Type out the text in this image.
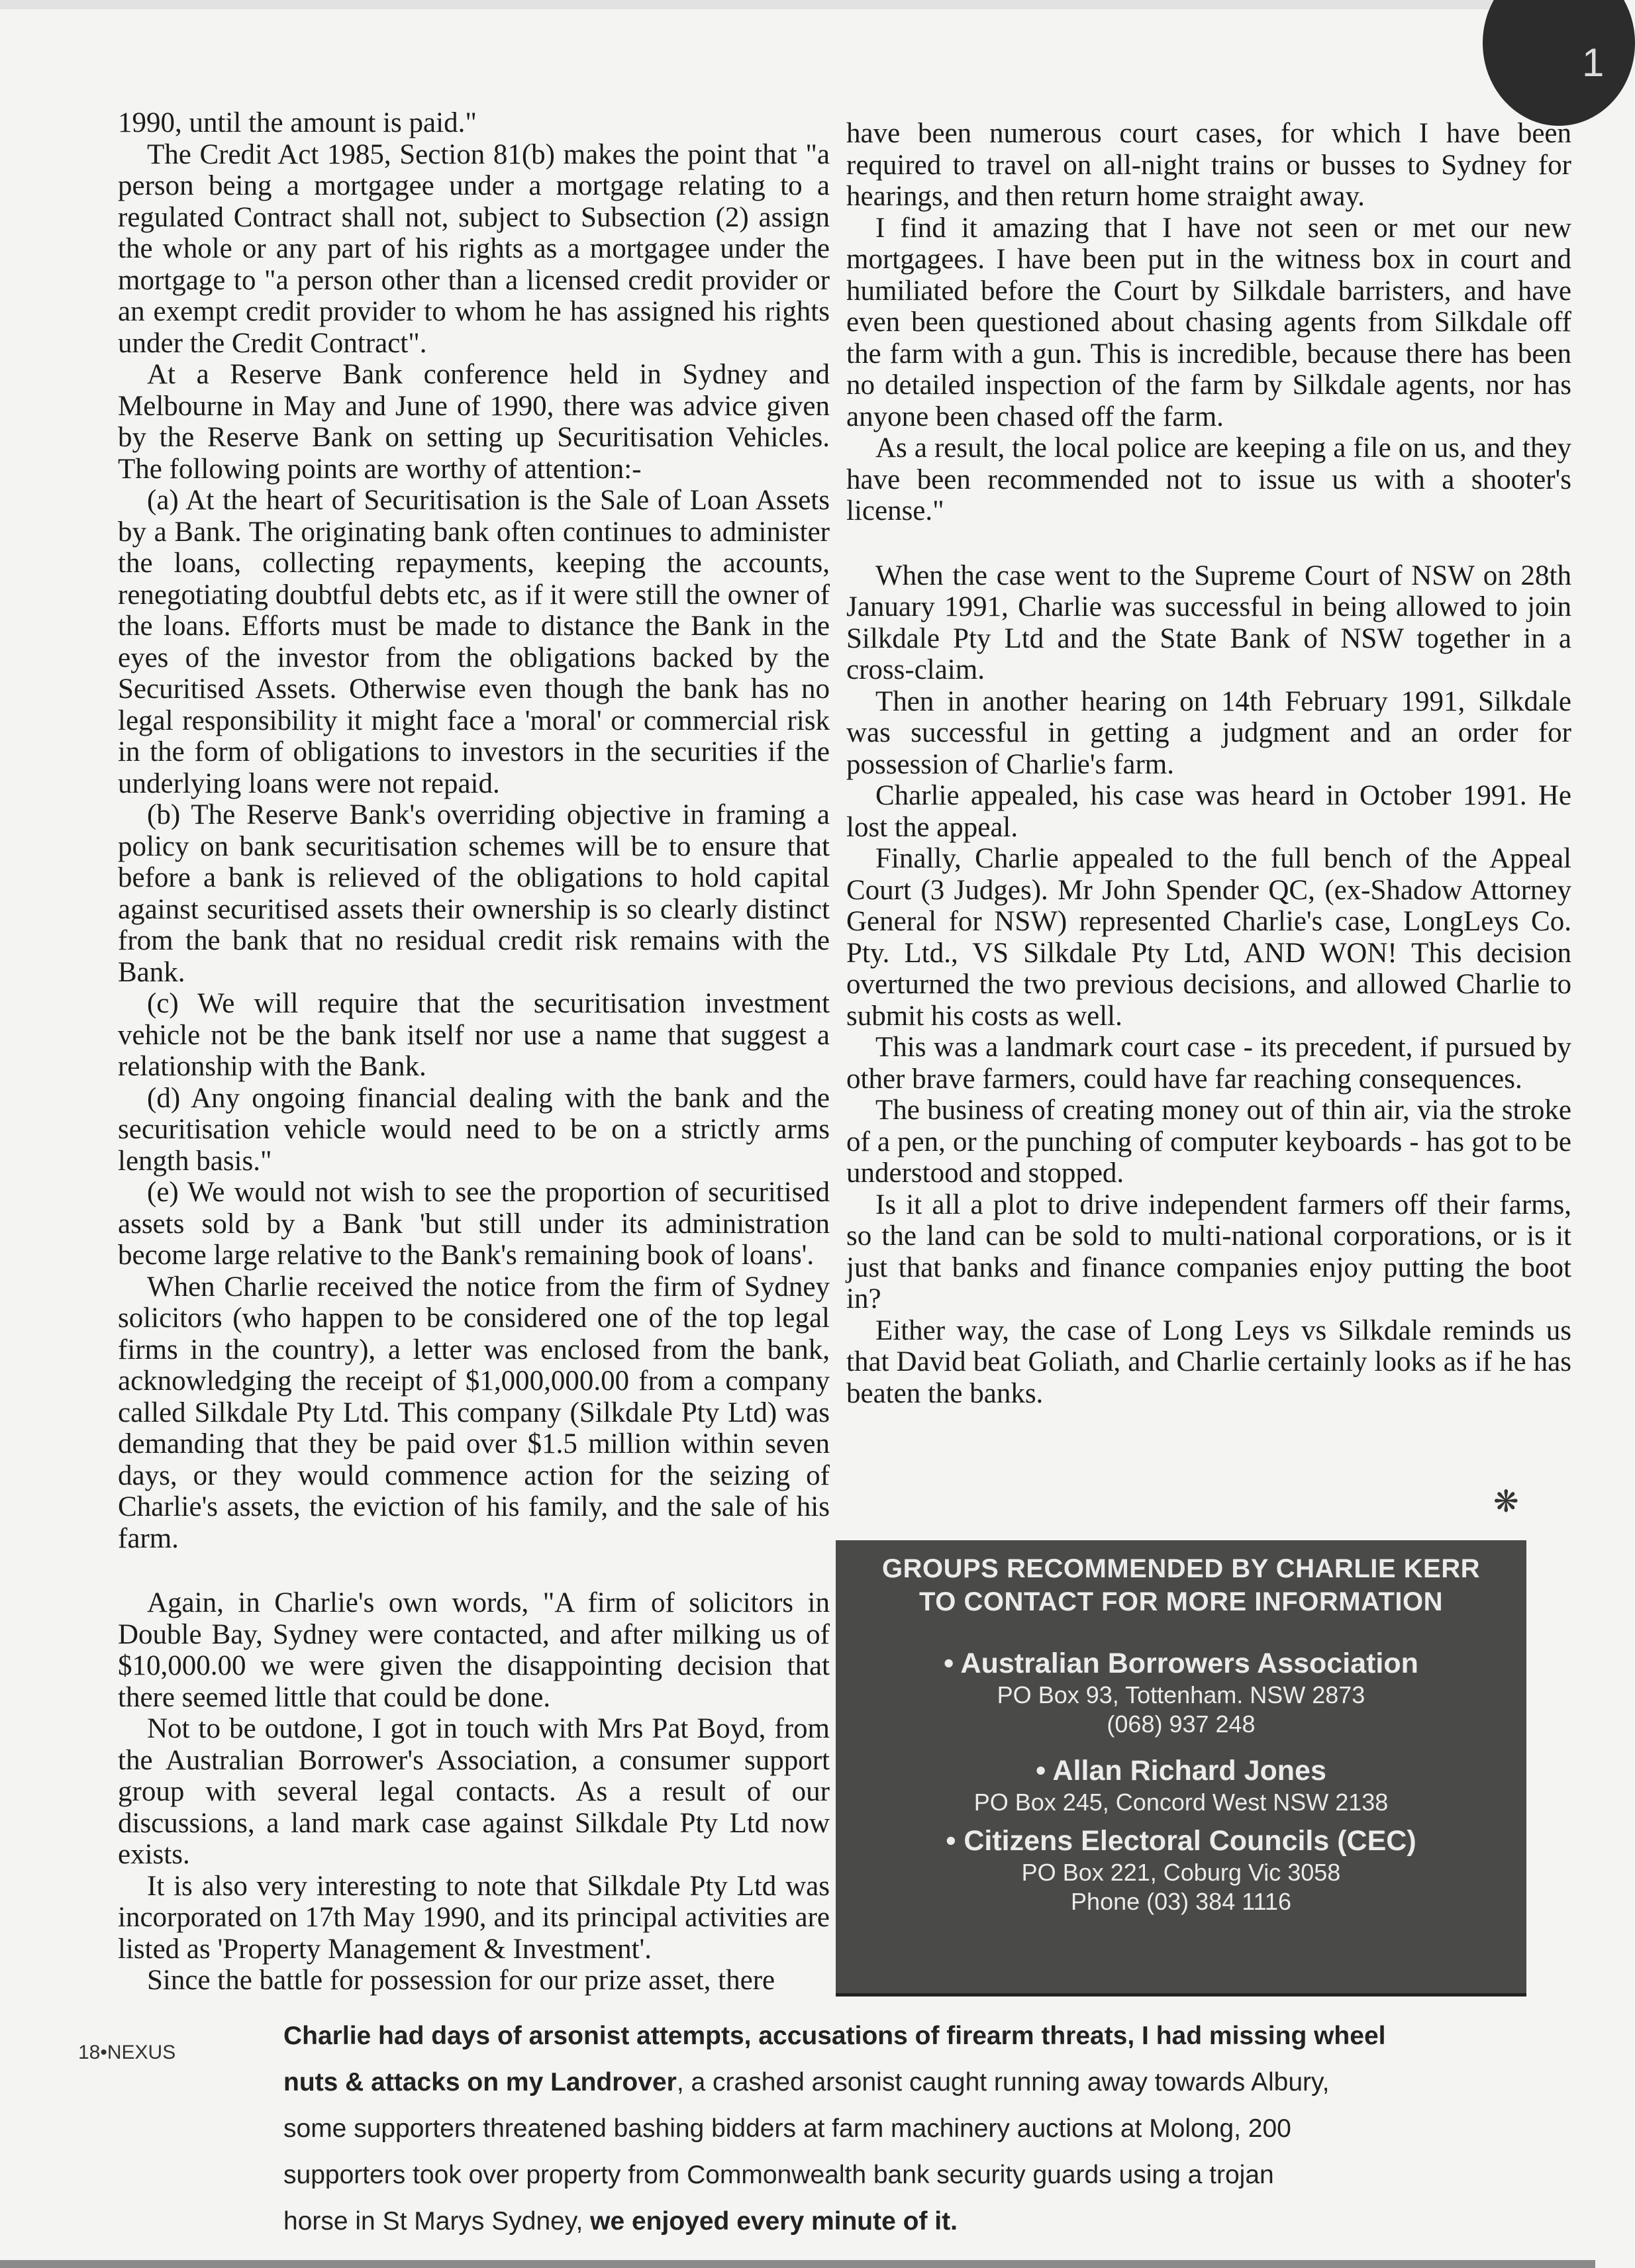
1

1990, until the amount is paid."

The Credit Act 1985, Section 81(b) makes the point that "a person being a mortgagee under a mortgage relating to a regulated Contract shall not, subject to Subsection (2) assign the whole or any part of his rights as a mortgagee under the mortgage to "a person other than a licensed credit provider or an exempt credit provider to whom he has assigned his rights under the Credit Contract".

At a Reserve Bank conference held in Sydney and Melbourne in May and June of 1990, there was advice given by the Reserve Bank on setting up Securitisation Vehicles. The following points are worthy of attention:-

(a) At the heart of Securitisation is the Sale of Loan Assets by a Bank. The originating bank often continues to administer the loans, collecting repayments, keeping the accounts, renegotiating doubtful debts etc, as if it were still the owner of the loans. Efforts must be made to distance the Bank in the eyes of the investor from the obligations backed by the Securitised Assets. Otherwise even though the bank has no legal responsibility it might face a 'moral' or commercial risk in the form of obligations to investors in the securities if the underlying loans were not repaid.

(b) The Reserve Bank's overriding objective in framing a policy on bank securitisation schemes will be to ensure that before a bank is relieved of the obligations to hold capital against securitised assets their ownership is so clearly distinct from the bank that no residual credit risk remains with the Bank.

(c) We will require that the securitisation investment vehicle not be the bank itself nor use a name that suggest a relationship with the Bank.

(d) Any ongoing financial dealing with the bank and the securitisation vehicle would need to be on a strictly arms length basis."

(e) We would not wish to see the proportion of securitised assets sold by a Bank 'but still under its administration become large relative to the Bank's remaining book of loans'.

When Charlie received the notice from the firm of Sydney solicitors (who happen to be considered one of the top legal firms in the country), a letter was enclosed from the bank, acknowledging the receipt of $1,000,000.00 from a company called Silkdale Pty Ltd. This company (Silkdale Pty Ltd) was demanding that they be paid over $1.5 million within seven days, or they would commence action for the seizing of Charlie's assets, the eviction of his family, and the sale of his farm.

Again, in Charlie's own words, "A firm of solicitors in Double Bay, Sydney were contacted, and after milking us of $10,000.00 we were given the disappointing decision that there seemed little that could be done.

Not to be outdone, I got in touch with Mrs Pat Boyd, from the Australian Borrower's Association, a consumer support group with several legal contacts. As a result of our discussions, a land mark case against Silkdale Pty Ltd now exists.

It is also very interesting to note that Silkdale Pty Ltd was incorporated on 17th May 1990, and its principal activities are listed as 'Property Management & Investment'.

Since the battle for possession for our prize asset, there

have been numerous court cases, for which I have been required to travel on all-night trains or busses to Sydney for hearings, and then return home straight away.

I find it amazing that I have not seen or met our new mortgagees. I have been put in the witness box in court and humiliated before the Court by Silkdale barristers, and have even been questioned about chasing agents from Silkdale off the farm with a gun. This is incredible, because there has been no detailed inspection of the farm by Silkdale agents, nor has anyone been chased off the farm.

As a result, the local police are keeping a file on us, and they have been recommended not to issue us with a shooter's license."

When the case went to the Supreme Court of NSW on 28th January 1991, Charlie was successful in being allowed to join Silkdale Pty Ltd and the State Bank of NSW together in a cross-claim.

Then in another hearing on 14th February 1991, Silkdale was successful in getting a judgment and an order for possession of Charlie's farm.

Charlie appealed, his case was heard in October 1991. He lost the appeal.

Finally, Charlie appealed to the full bench of the Appeal Court (3 Judges). Mr John Spender QC, (ex-Shadow Attorney General for NSW) represented Charlie's case, LongLeys Co. Pty. Ltd., VS Silkdale Pty Ltd, AND WON! This decision overturned the two previous decisions, and allowed Charlie to submit his costs as well.

This was a landmark court case - its precedent, if pursued by other brave farmers, could have far reaching consequences.

The business of creating money out of thin air, via the stroke of a pen, or the punching of computer keyboards - has got to be understood and stopped.

Is it all a plot to drive independent farmers off their farms, so the land can be sold to multi-national corporations, or is it just that banks and finance companies enjoy putting the boot in?

Either way, the case of Long Leys vs Silkdale reminds us that David beat Goliath, and Charlie certainly looks as if he has beaten the banks.

❋
GROUPS RECOMMENDED BY CHARLIE KERR
TO CONTACT FOR MORE INFORMATION
• Australian Borrowers Association
PO Box 93, Tottenham. NSW 2873
(068) 937 248
• Allan Richard Jones
PO Box 245, Concord West NSW 2138
• Citizens Electoral Councils (CEC)
PO Box 221, Coburg Vic 3058
Phone (03) 384 1116
18•NEXUS
Charlie had days of arsonist attempts, accusations of firearm threats, I had missing wheel
nuts & attacks on my Landrover, a crashed arsonist caught running away towards Albury,
some supporters threatened bashing bidders at farm machinery auctions at Molong, 200
supporters took over property from Commonwealth bank security guards using a trojan
horse in St Marys Sydney, we enjoyed every minute of it.
